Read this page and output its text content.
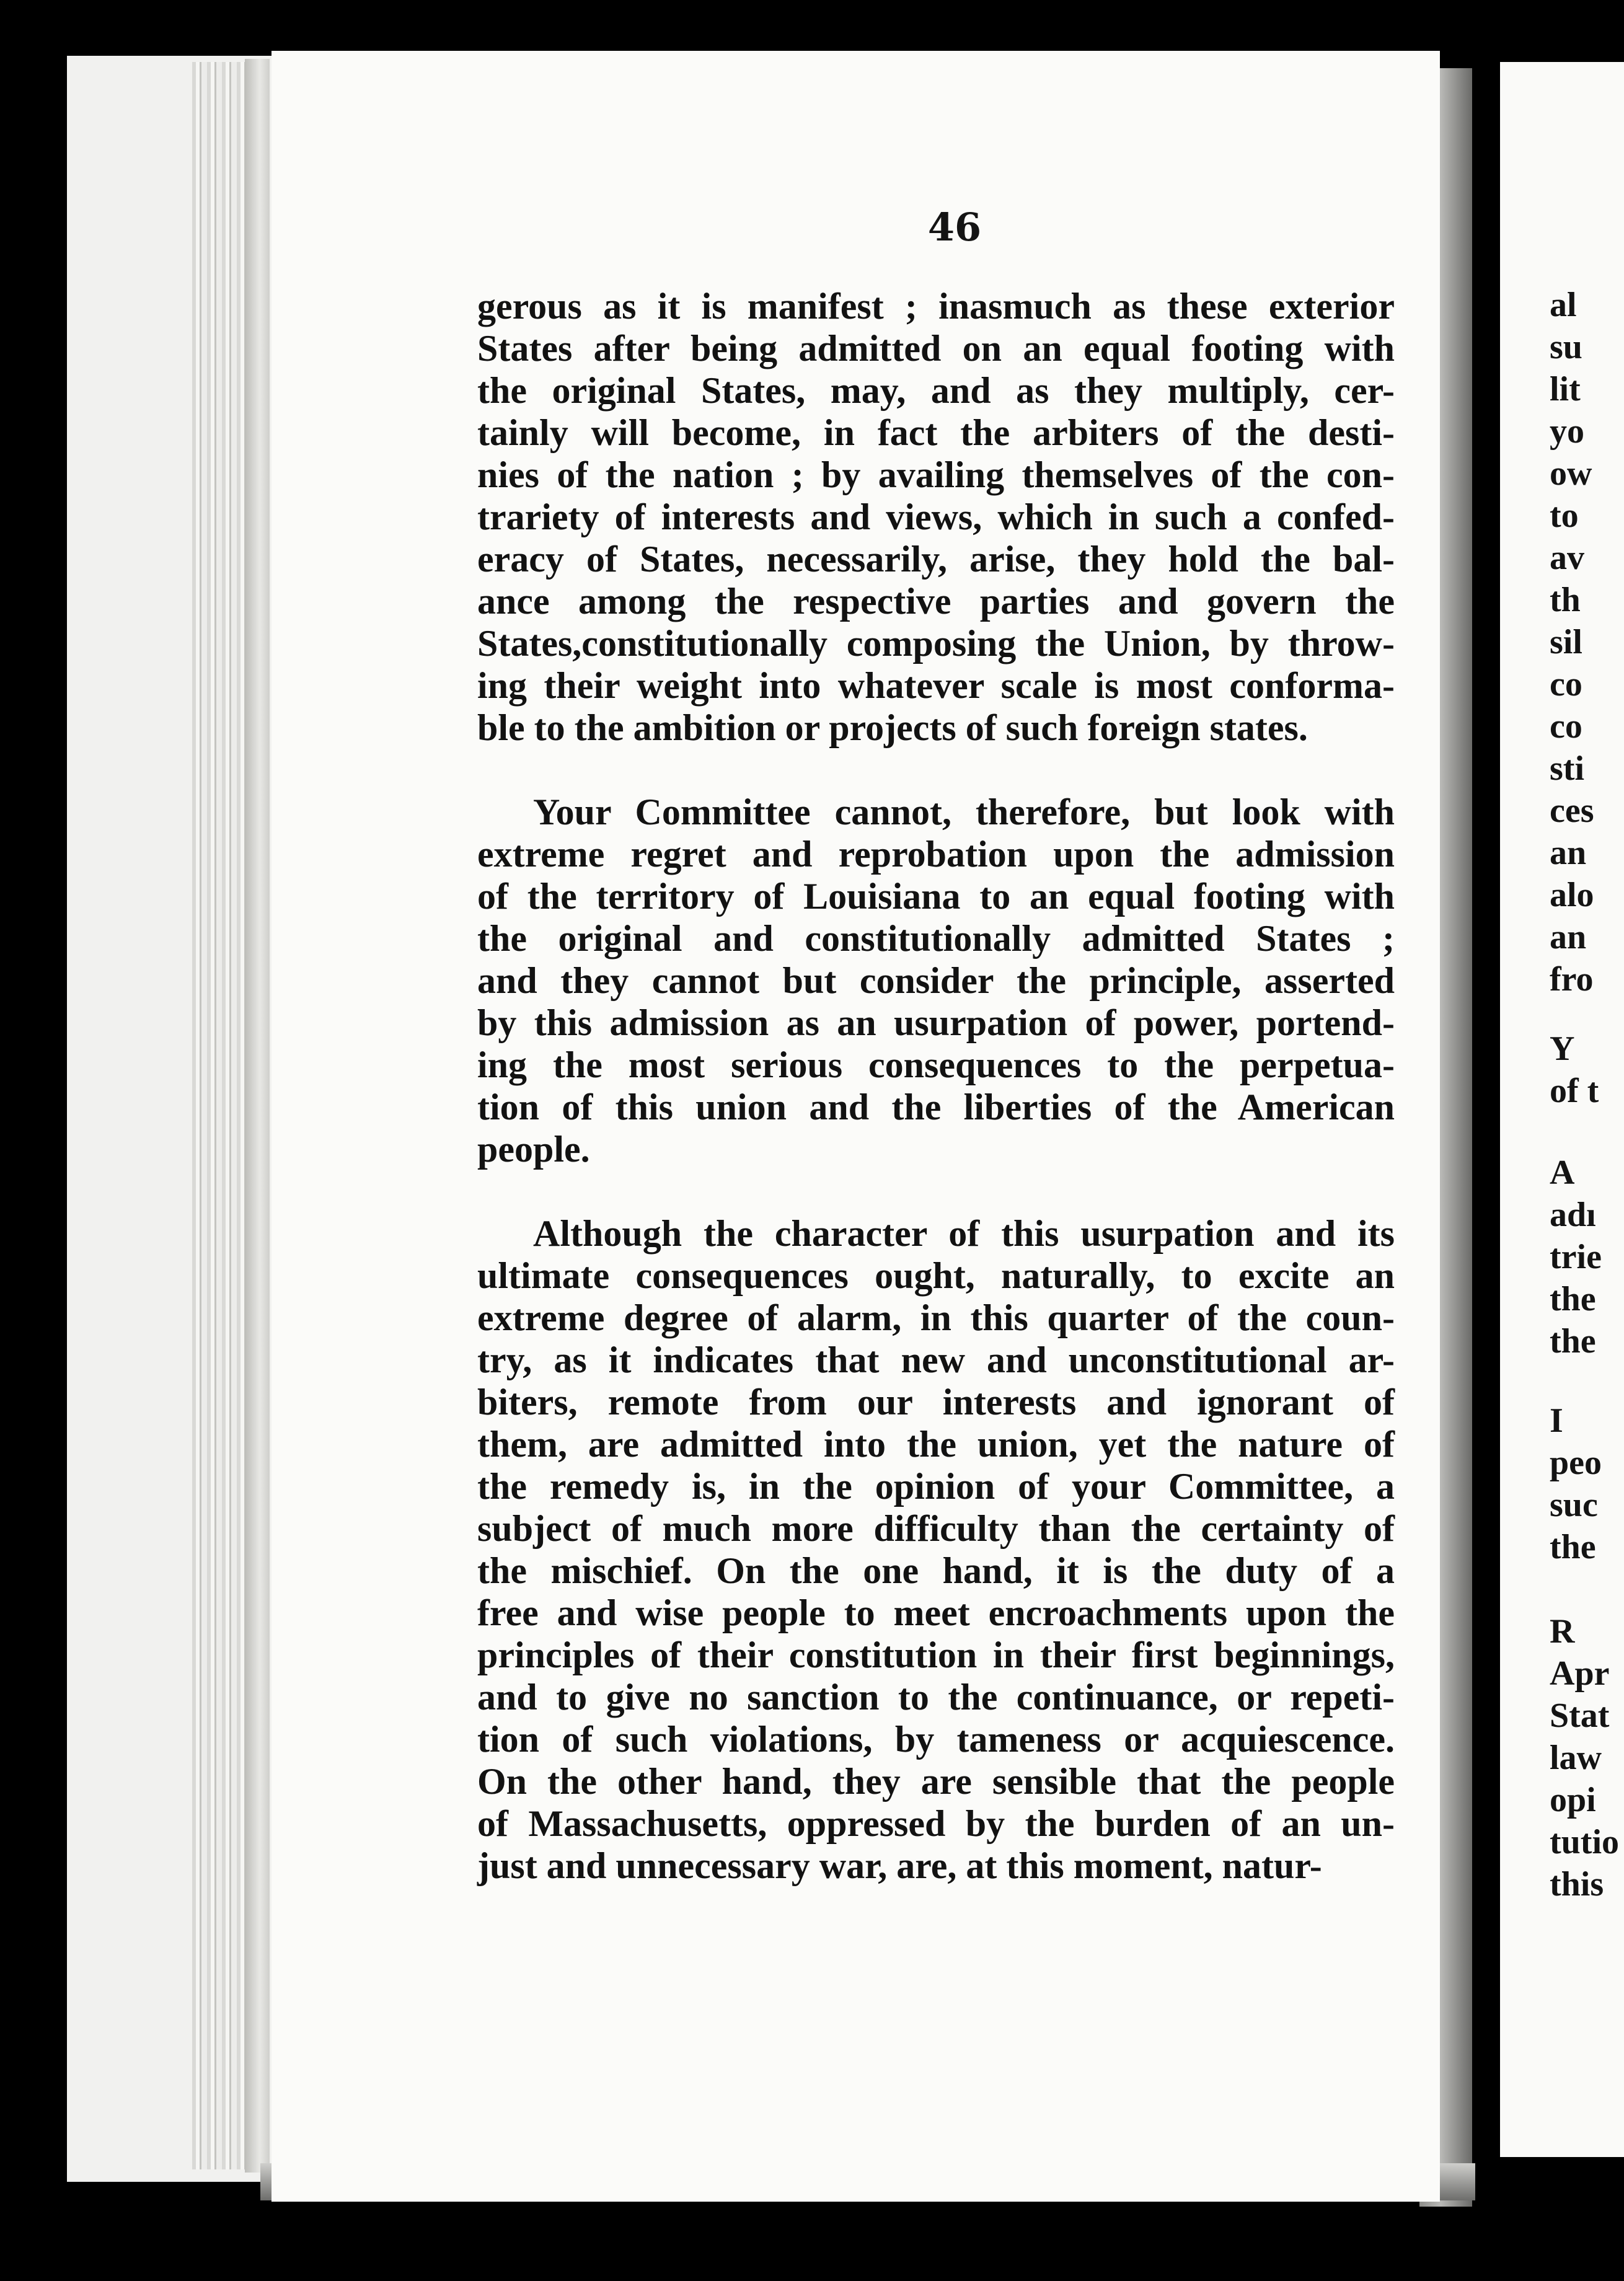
46
gerous as it is manifest ; inasmuch as these exterior
States after being admitted on an equal footing with
the original States, may, and as they multiply, cer-
tainly will become, in fact the arbiters of the desti-
nies of the nation ; by availing themselves of the con-
trariety of interests and views, which in such a confed-
eracy of States, necessarily, arise, they hold the bal-
ance among the respective parties and govern the
States,constitutionally composing the Union, by throw-
ing their weight into whatever scale is most conforma-
ble to the ambition or projects of such foreign states.
Your Committee cannot, therefore, but look with
extreme regret and reprobation upon the admission
of the territory of Louisiana to an equal footing with
the original and constitutionally admitted States ;
and they cannot but consider the principle, asserted
by this admission as an usurpation of power, portend-
ing the most serious consequences to the perpetua-
tion of this union and the liberties of the American
people.
Although the character of this usurpation and its
ultimate consequences ought, naturally, to excite an
extreme degree of alarm, in this quarter of the coun-
try, as it indicates that new and unconstitutional ar-
biters, remote from our interests and ignorant of
them, are admitted into the union, yet the nature of
the remedy is, in the opinion of your Committee, a
subject of much more difficulty than the certainty of
the mischief. On the one hand, it is the duty of a
free and wise people to meet encroachments upon the
principles of their constitution in their first beginnings,
and to give no sanction to the continuance, or repeti-
tion of such violations, by tameness or acquiescence.
On the other hand, they are sensible that the people
of Massachusetts, oppressed by the burden of an un-
just and unnecessary war, are, at this moment, natur-
al
su
lit
yo
ow
to
av
th
sil
co
co
sti
ces
an
alo
an
fro
Y
of t
A
adı
trie
the
the
I
peo
suc
the
R
Apr
Stat
law
opi
tutio
this
